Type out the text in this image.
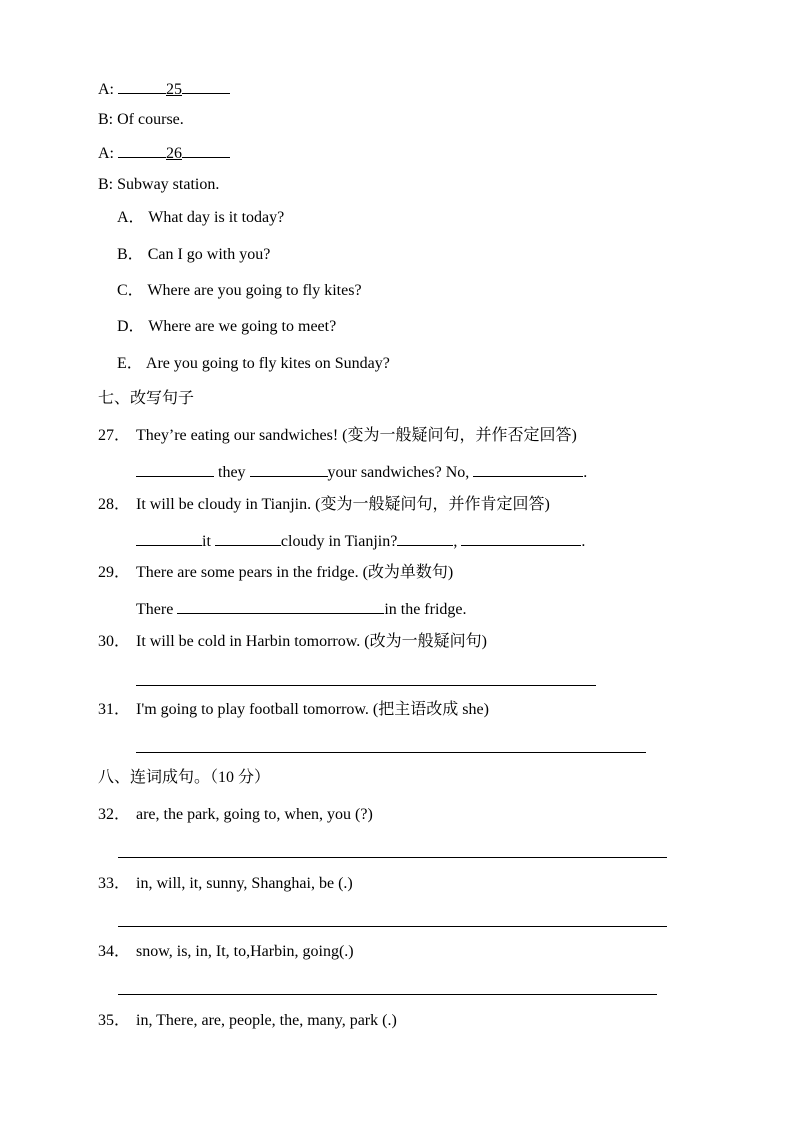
A:	25
B: Of course.
A:	26
B: Subway station.
A． What day is it today?
B． Can I go with you?
C． Where are you going to fly kites?
D． Where are we going to meet?
E． Are you going to fly kites on Sunday?
七、改写句子
27． They’re eating our sandwiches! (变为一般疑问句，并作否定回答)
they	your sandwiches? No,	.
28． It will be cloudy in Tianjin. (变为一般疑问句，并作肯定回答)
it	cloudy in Tianjin?	,	.
29． There are some pears in the fridge. (改为单数句)
There	in the fridge.
30． It will be cold in Harbin tomorrow. (改为一般疑问句)
31． I'm going to play football tomorrow. (把主语改成 she)
八、连词成句。（10 分）
32． are, the park, going to, when, you (?)
33． in, will, it, sunny, Shanghai, be (.)
34． snow, is, in, It, to,Harbin, going(.)
35． in, There, are, people, the, many, park (.)
